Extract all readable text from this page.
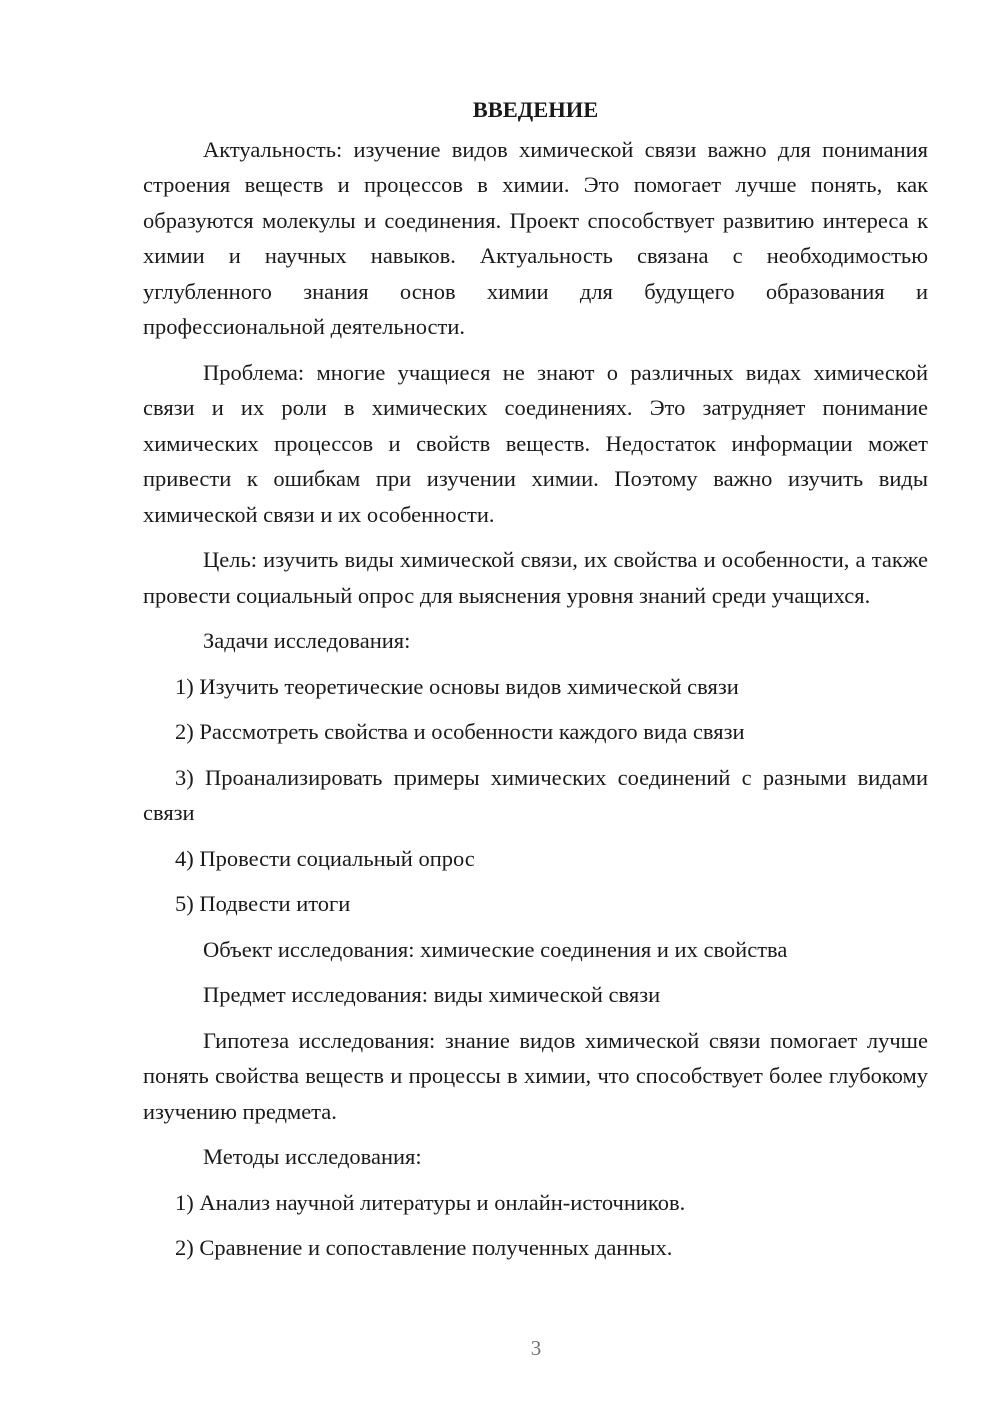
ВВЕДЕНИЕ

Актуальность: изучение видов химической связи важно для понимания строения веществ и процессов в химии. Это помогает лучше понять, как образуются молекулы и соединения. Проект способствует развитию интереса к химии и научных навыков. Актуальность связана с необходимостью углубленного знания основ химии для будущего образования и профессиональной деятельности.

Проблема: многие учащиеся не знают о различных видах химической связи и их роли в химических соединениях. Это затрудняет понимание химических процессов и свойств веществ. Недостаток информации может привести к ошибкам при изучении химии. Поэтому важно изучить виды химической связи и их особенности.

Цель: изучить виды химической связи, их свойства и особенности, а также провести социальный опрос для выяснения уровня знаний среди учащихся.

Задачи исследования:

1) Изучить теоретические основы видов химической связи

2) Рассмотреть свойства и особенности каждого вида связи

3) Проанализировать примеры химических соединений с разными видами связи

4) Провести социальный опрос

5) Подвести итоги

Объект исследования: химические соединения и их свойства

Предмет исследования: виды химической связи

Гипотеза исследования: знание видов химической связи помогает лучше понять свойства веществ и процессы в химии, что способствует более глубокому изучению предмета.

Методы исследования:

1) Анализ научной литературы и онлайн-источников.

2) Сравнение и сопоставление полученных данных.

3
